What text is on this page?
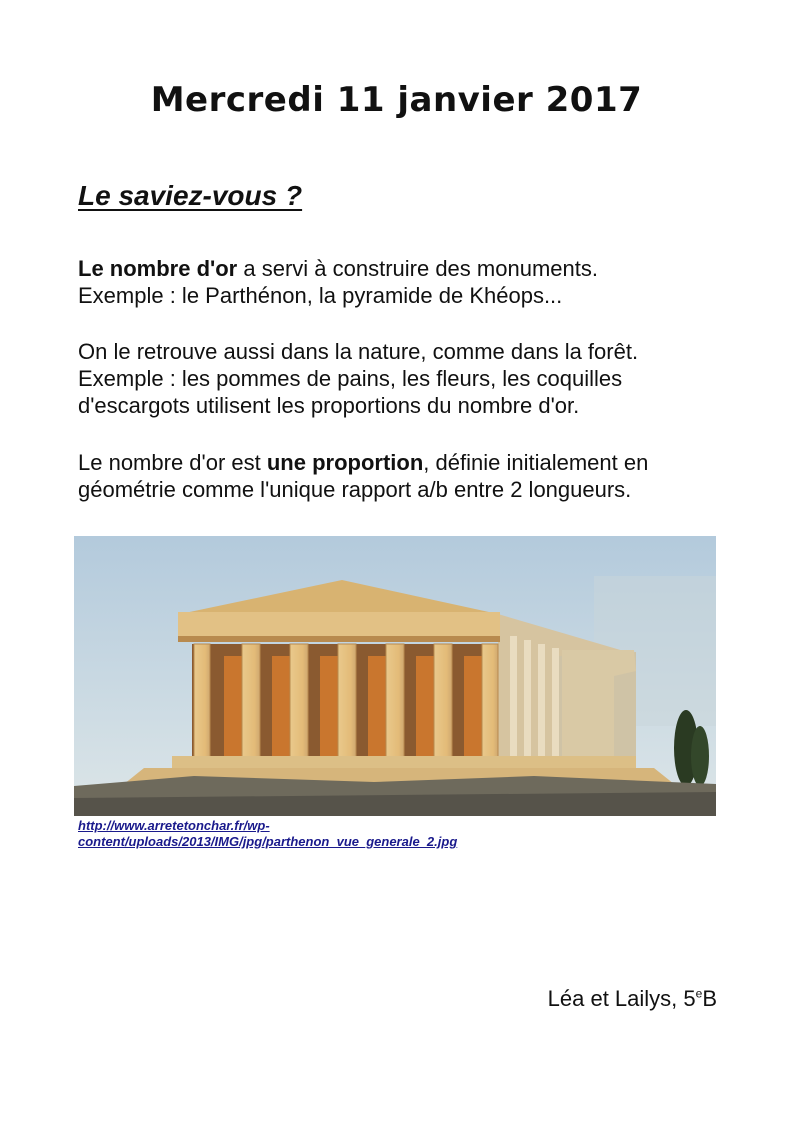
Mercredi 11 janvier 2017
Le saviez-vous ?
Le nombre d'or a servi à construire des monuments.
Exemple : le Parthénon, la pyramide de Khéops...
On le retrouve aussi dans la nature, comme dans la forêt.
Exemple : les pommes de pains, les fleurs, les coquilles
d'escargots utilisent les proportions du nombre d'or.
Le nombre d'or est une proportion, définie initialement en
géométrie comme l'unique rapport a/b entre 2 longueurs.
http://www.arretetonchar.fr/wp-
content/uploads/2013/IMG/jpg/parthenon_vue_generale_2.jpg
Léa et Lailys, 5eB
